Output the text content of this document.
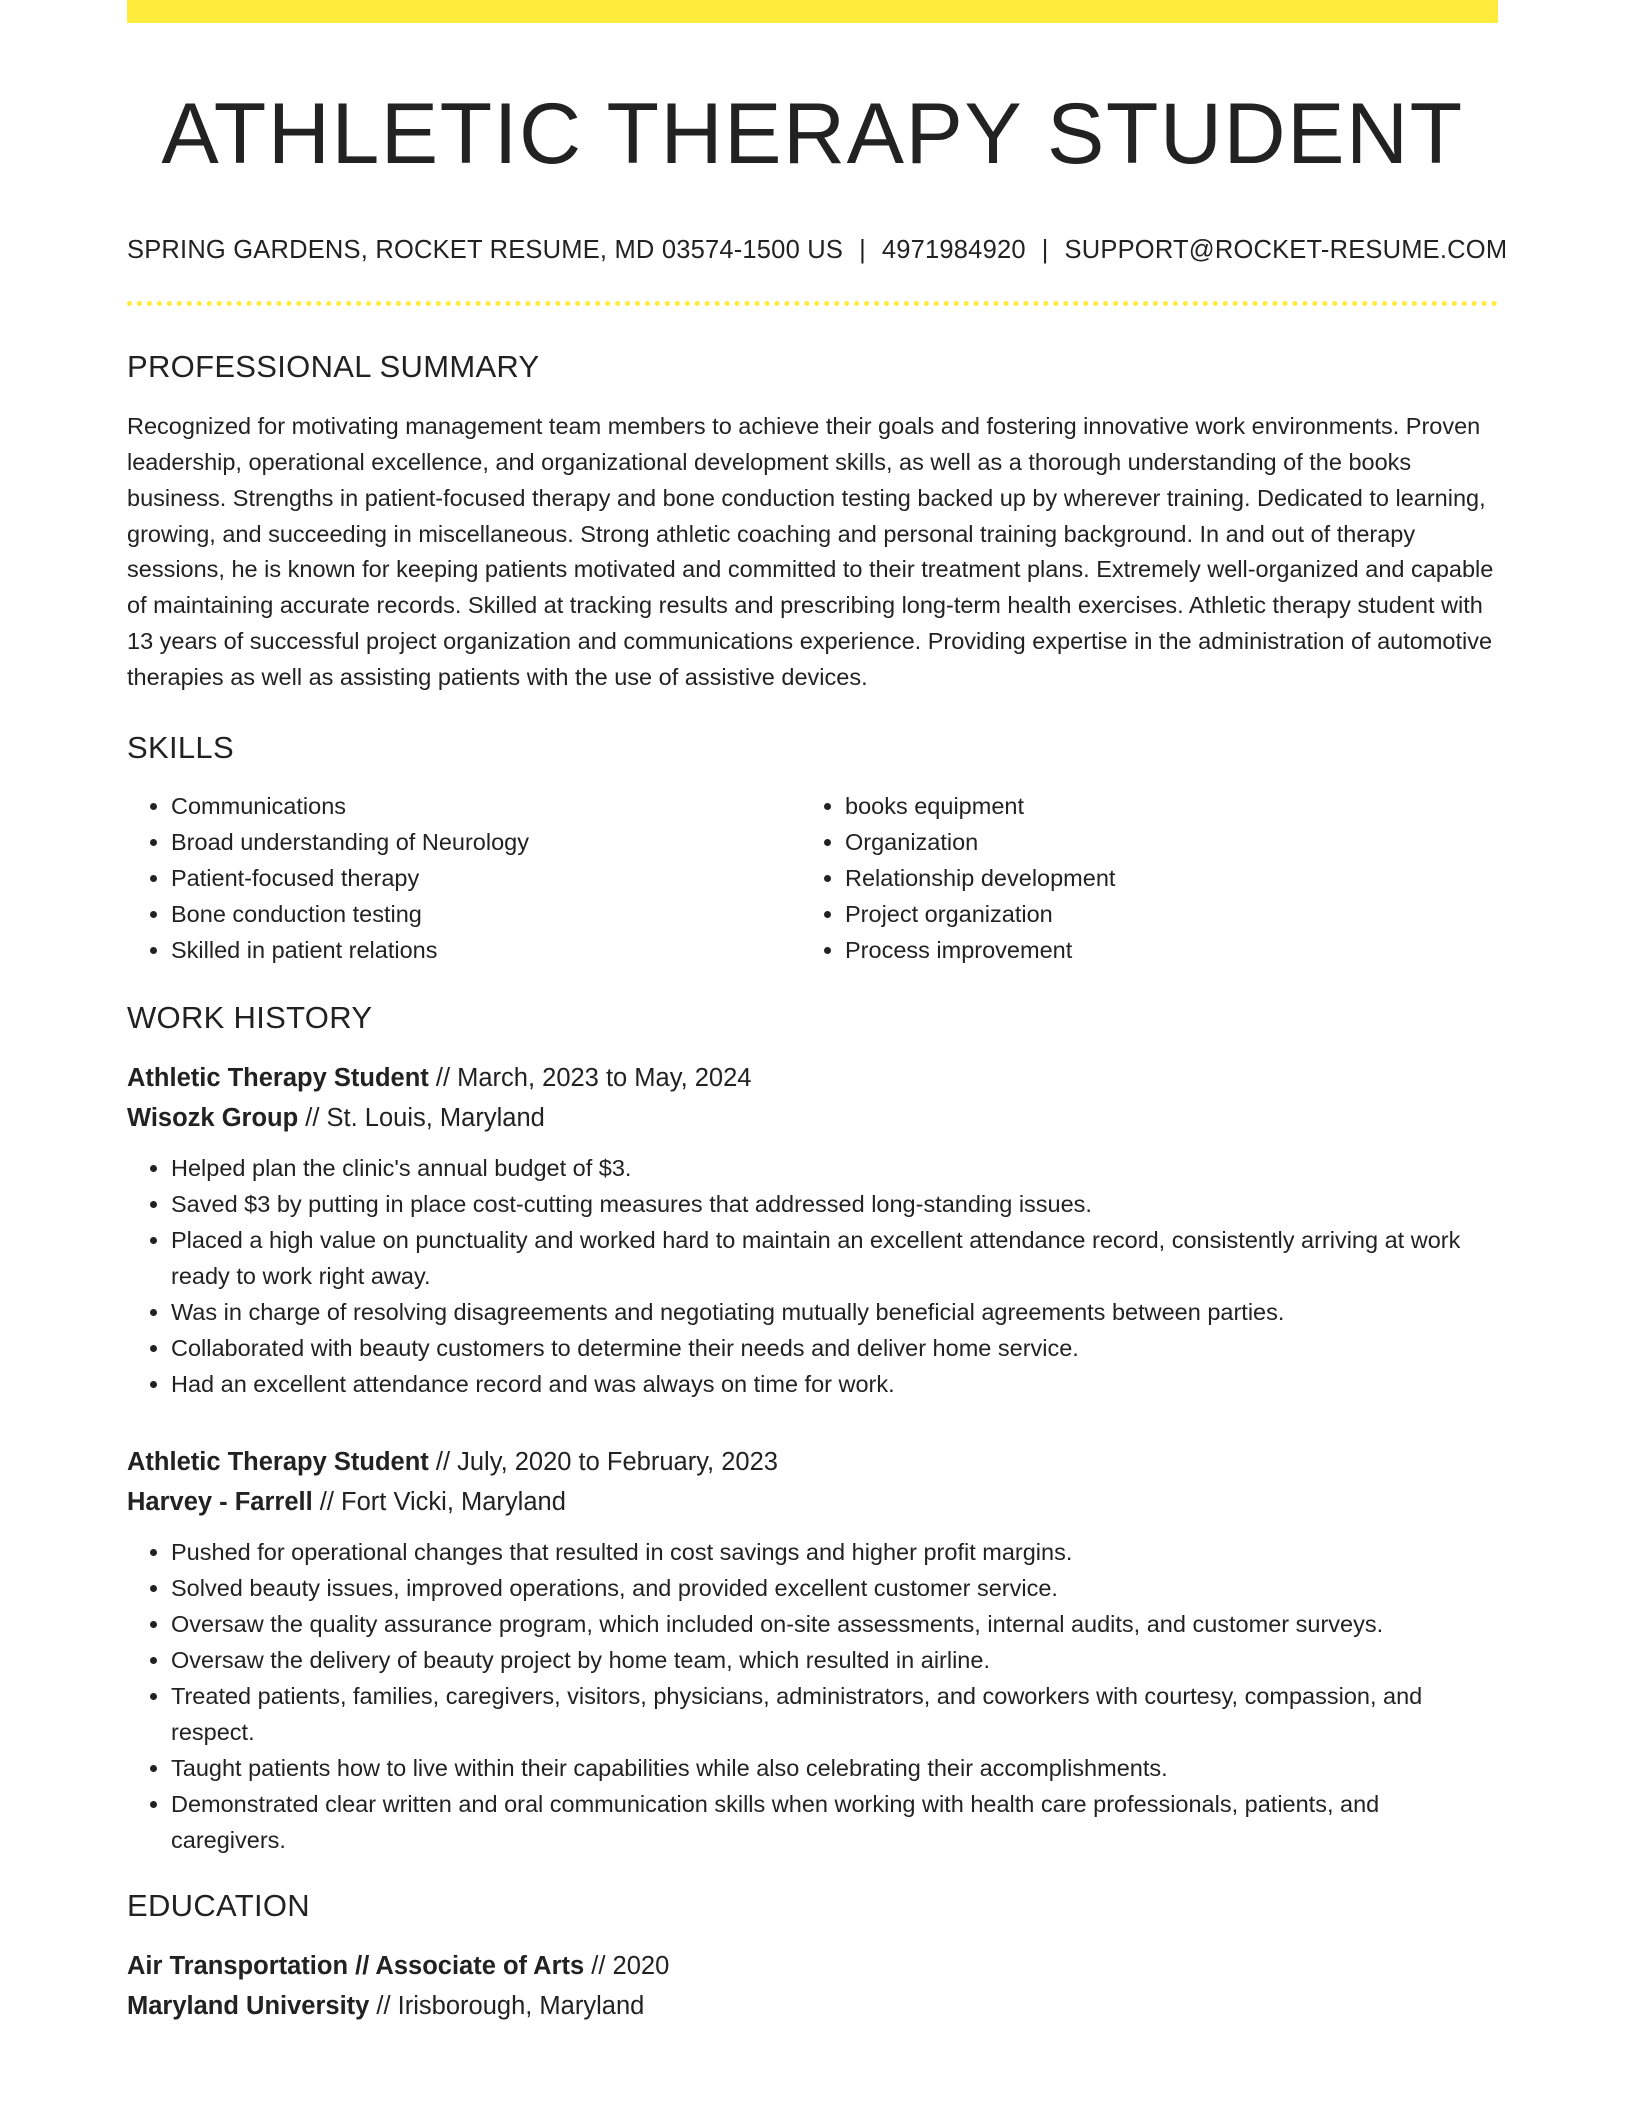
ATHLETIC THERAPY STUDENT
SPRING GARDENS, ROCKET RESUME, MD 03574-1500 US | 4971984920 | SUPPORT@ROCKET-RESUME.COM
PROFESSIONAL SUMMARY
Recognized for motivating management team members to achieve their goals and fostering innovative work environments. Proven leadership, operational excellence, and organizational development skills, as well as a thorough understanding of the books business. Strengths in patient-focused therapy and bone conduction testing backed up by wherever training. Dedicated to learning, growing, and succeeding in miscellaneous. Strong athletic coaching and personal training background. In and out of therapy sessions, he is known for keeping patients motivated and committed to their treatment plans. Extremely well-organized and capable of maintaining accurate records. Skilled at tracking results and prescribing long-term health exercises. Athletic therapy student with 13 years of successful project organization and communications experience. Providing expertise in the administration of automotive therapies as well as assisting patients with the use of assistive devices.
SKILLS
• Communications
• Broad understanding of Neurology
• Patient-focused therapy
• Bone conduction testing
• Skilled in patient relations
• books equipment
• Organization
• Relationship development
• Project organization
• Process improvement
WORK HISTORY
Athletic Therapy Student // March, 2023 to May, 2024
Wisozk Group // St. Louis, Maryland
• Helped plan the clinic's annual budget of $3.
• Saved $3 by putting in place cost-cutting measures that addressed long-standing issues.
• Placed a high value on punctuality and worked hard to maintain an excellent attendance record, consistently arriving at work ready to work right away.
• Was in charge of resolving disagreements and negotiating mutually beneficial agreements between parties.
• Collaborated with beauty customers to determine their needs and deliver home service.
• Had an excellent attendance record and was always on time for work.
Athletic Therapy Student // July, 2020 to February, 2023
Harvey - Farrell // Fort Vicki, Maryland
• Pushed for operational changes that resulted in cost savings and higher profit margins.
• Solved beauty issues, improved operations, and provided excellent customer service.
• Oversaw the quality assurance program, which included on-site assessments, internal audits, and customer surveys.
• Oversaw the delivery of beauty project by home team, which resulted in airline.
• Treated patients, families, caregivers, visitors, physicians, administrators, and coworkers with courtesy, compassion, and respect.
• Taught patients how to live within their capabilities while also celebrating their accomplishments.
• Demonstrated clear written and oral communication skills when working with health care professionals, patients, and caregivers.
EDUCATION
Air Transportation // Associate of Arts // 2020
Maryland University // Irisborough, Maryland
